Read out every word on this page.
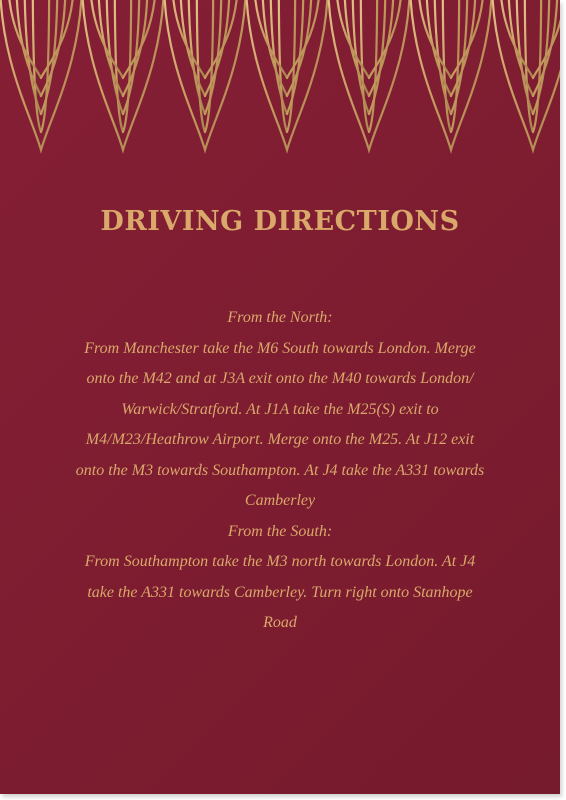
DRIVING DIRECTIONS

From the North:

From Manchester take the M6 South towards London. Merge onto the M42 and at J3A exit onto the M40 towards London/ Warwick/Stratford. At J1A take the M25(S) exit to M4/M23/Heathrow Airport. Merge onto the M25. At J12 exit onto the M3 towards Southampton. At J4 take the A331 towards Camberley

From the South:

From Southampton take the M3 north towards London. At J4 take the A331 towards Camberley. Turn right onto Stanhope Road
